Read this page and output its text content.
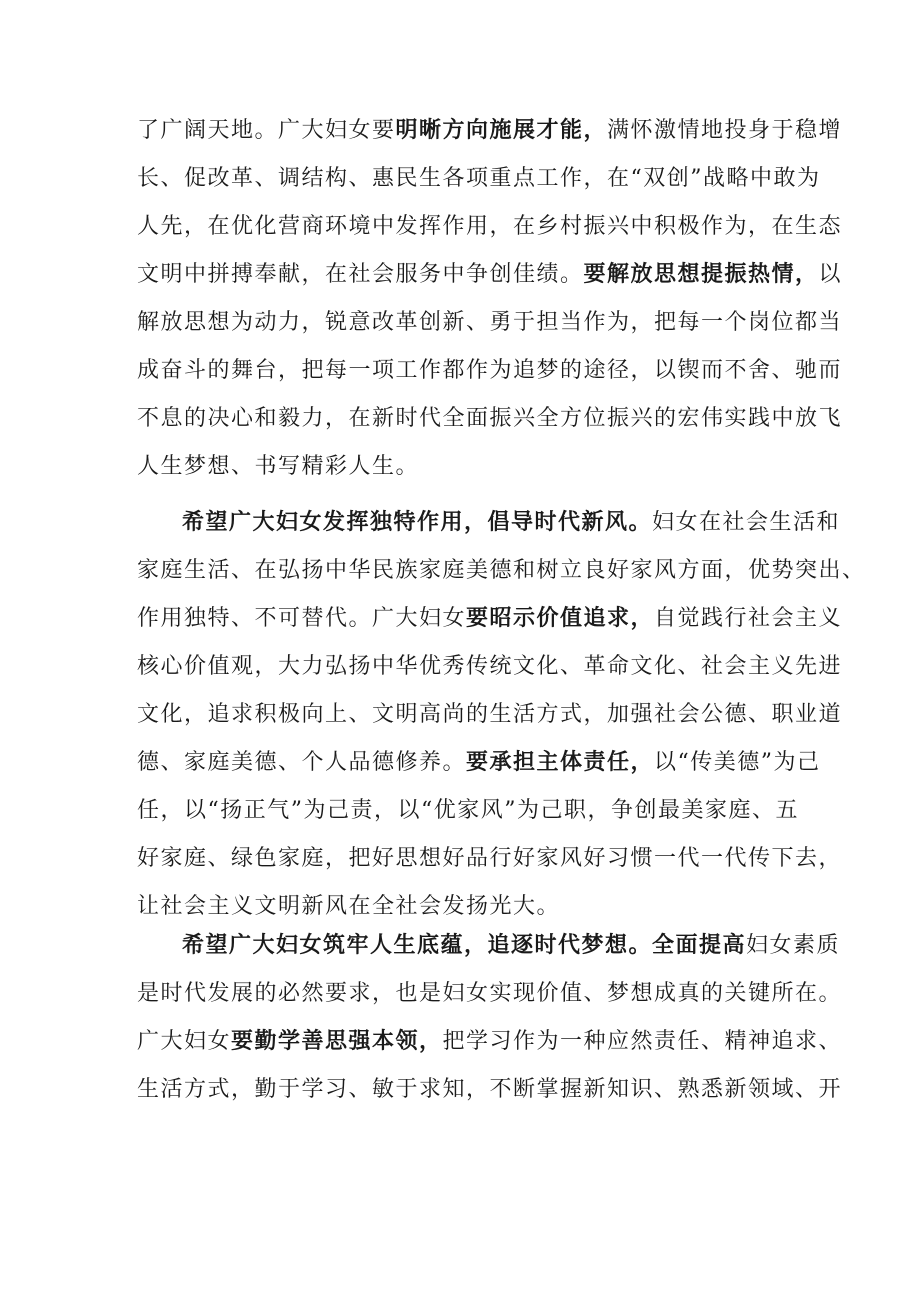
了广阔天地。广大妇女要明晰方向施展才能，满怀激情地投身于稳增
长、促改革、调结构、惠民生各项重点工作，在“双创”战略中敢为
人先，在优化营商环境中发挥作用，在乡村振兴中积极作为，在生态
文明中拼搏奉献，在社会服务中争创佳绩。要解放思想提振热情，以
解放思想为动力，锐意改革创新、勇于担当作为，把每一个岗位都当
成奋斗的舞台，把每一项工作都作为追梦的途径，以锲而不舍、驰而
不息的决心和毅力，在新时代全面振兴全方位振兴的宏伟实践中放飞
人生梦想、书写精彩人生。
希望广大妇女发挥独特作用，倡导时代新风。妇女在社会生活和
家庭生活、在弘扬中华民族家庭美德和树立良好家风方面，优势突出、
作用独特、不可替代。广大妇女要昭示价值追求，自觉践行社会主义
核心价值观，大力弘扬中华优秀传统文化、革命文化、社会主义先进
文化，追求积极向上、文明高尚的生活方式，加强社会公德、职业道
德、家庭美德、个人品德修养。要承担主体责任，以“传美德”为己
任，以“扬正气”为己责，以“优家风”为己职，争创最美家庭、五
好家庭、绿色家庭，把好思想好品行好家风好习惯一代一代传下去，
让社会主义文明新风在全社会发扬光大。
希望广大妇女筑牢人生底蕴，追逐时代梦想。全面提高妇女素质
是时代发展的必然要求，也是妇女实现价值、梦想成真的关键所在。
广大妇女要勤学善思强本领，把学习作为一种应然责任、精神追求、
生活方式，勤于学习、敏于求知，不断掌握新知识、熟悉新领域、开
